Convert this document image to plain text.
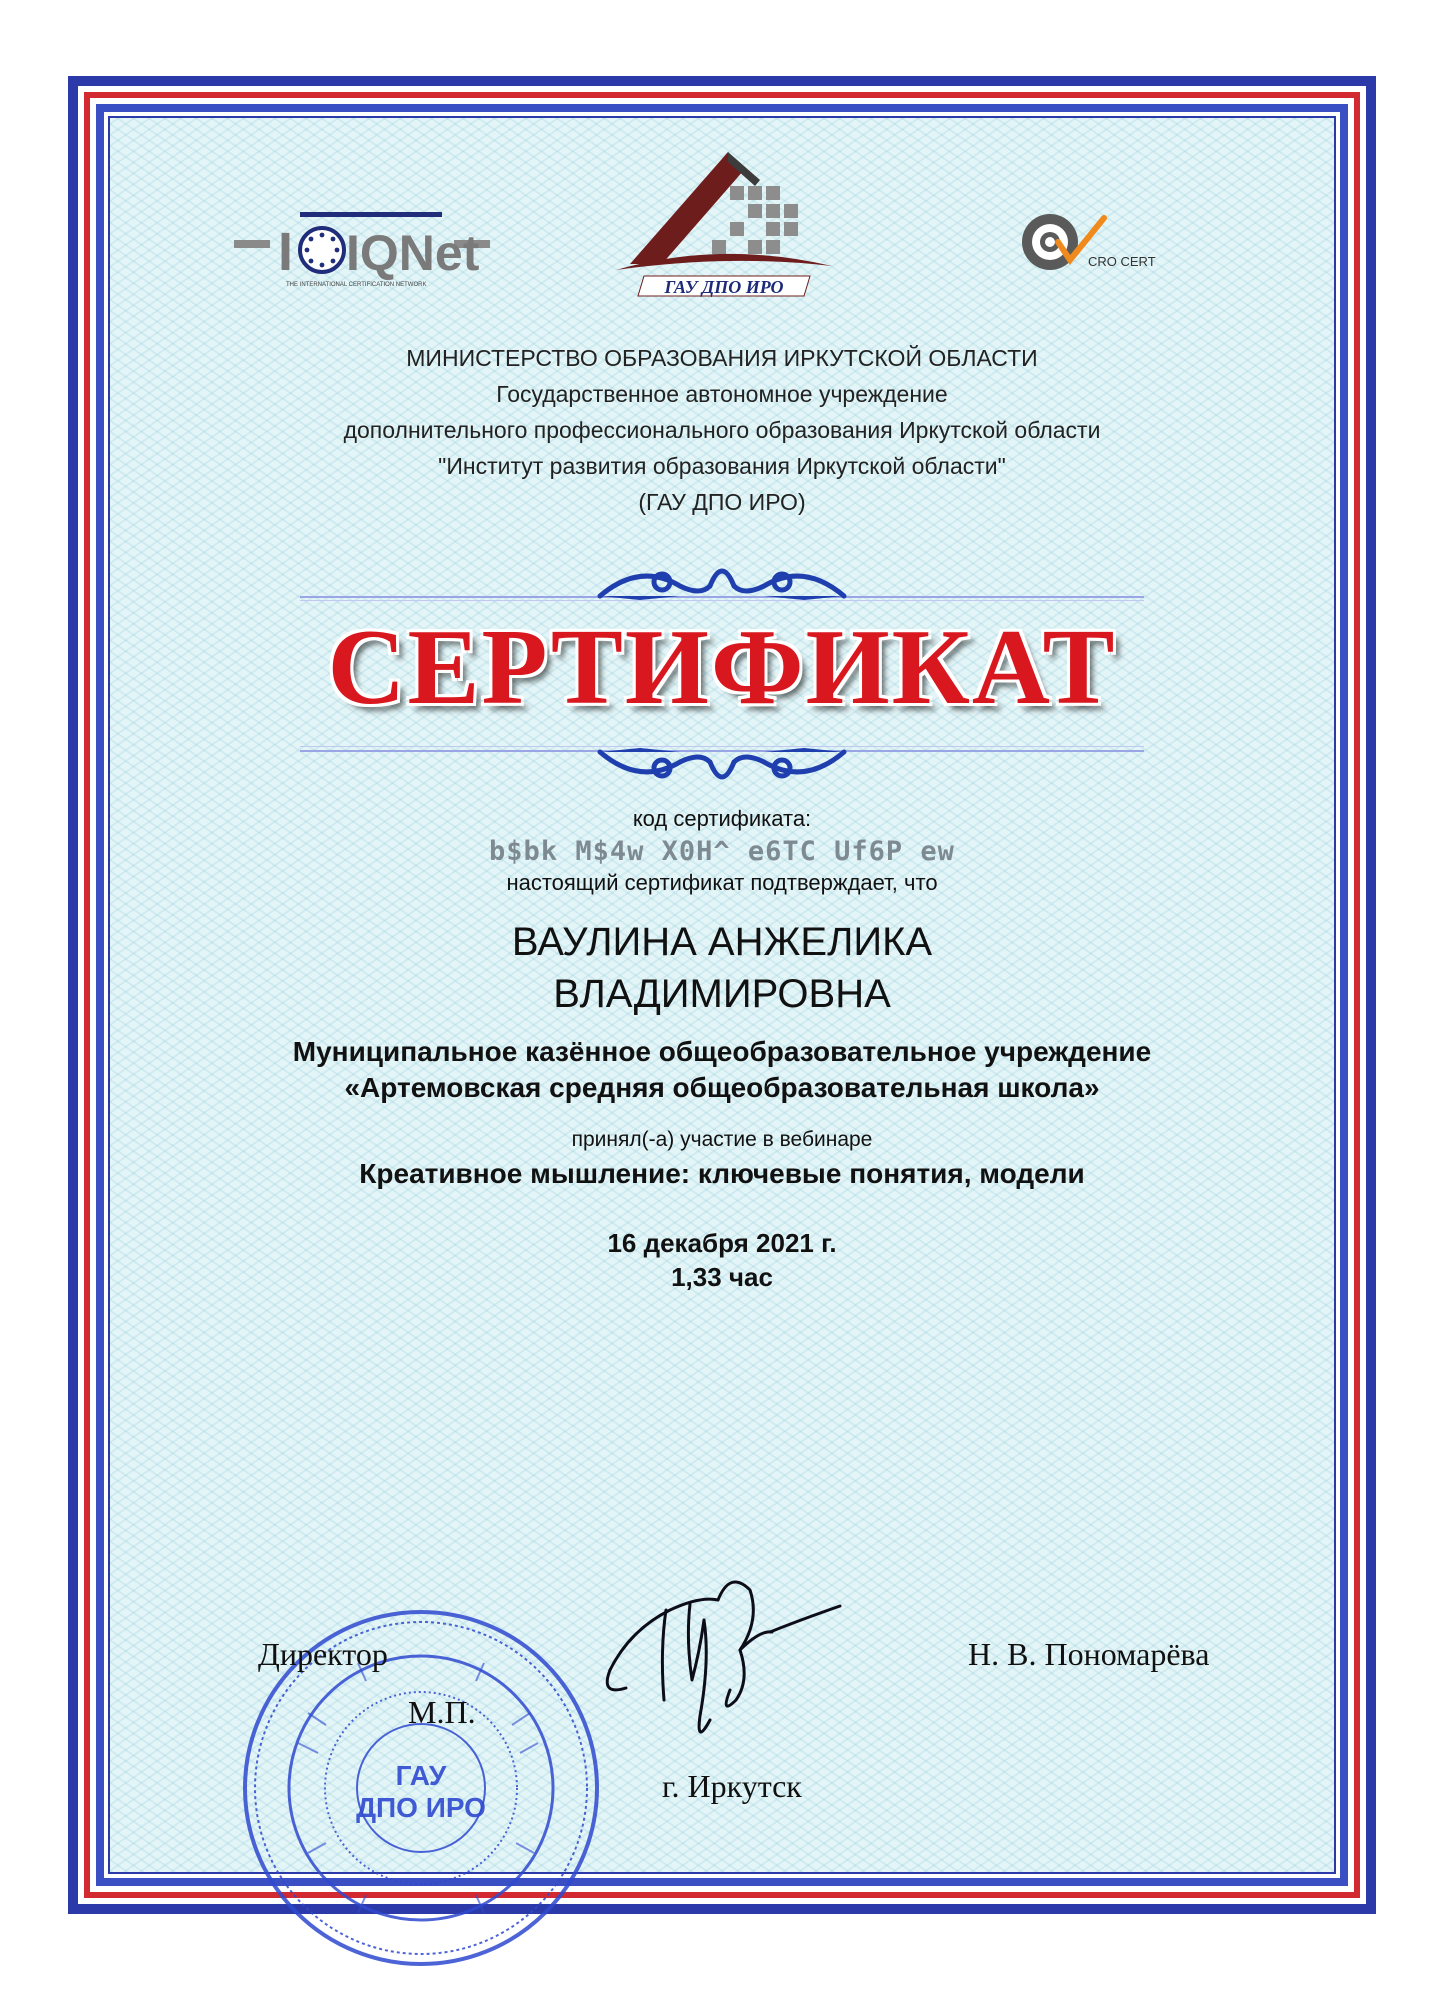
I IQNet
THE INTERNATIONAL CERTIFICATION NETWORK	ГАУ ДПО ИРО
CRO CERT
МИНИСТЕРСТВО ОБРАЗОВАНИЯ ИРКУТСКОЙ ОБЛАСТИ
Государственное автономное учреждение
дополнительного профессионального образования Иркутской области
"Институт развития образования Иркутской области"
(ГАУ ДПО ИРО)
СЕРТИФИКАТ
код сертификата:
b$bk M$4w X0H^ e6TC Uf6P ew
настоящий сертификат подтверждает, что
ВАУЛИНА АНЖЕЛИКА
ВЛАДИМИРОВНА
Муниципальное казённое общеобразовательное учреждение
«Артемовская средняя общеобразовательная школа»
принял(-а) участие в вебинаре
Креативное мышление: ключевые понятия, модели
16 декабря 2021 г.
1,33 час
ГАУ
ДПО ИРО
Директор	Н. В. Пономарёва
М.П.
г. Иркутск
